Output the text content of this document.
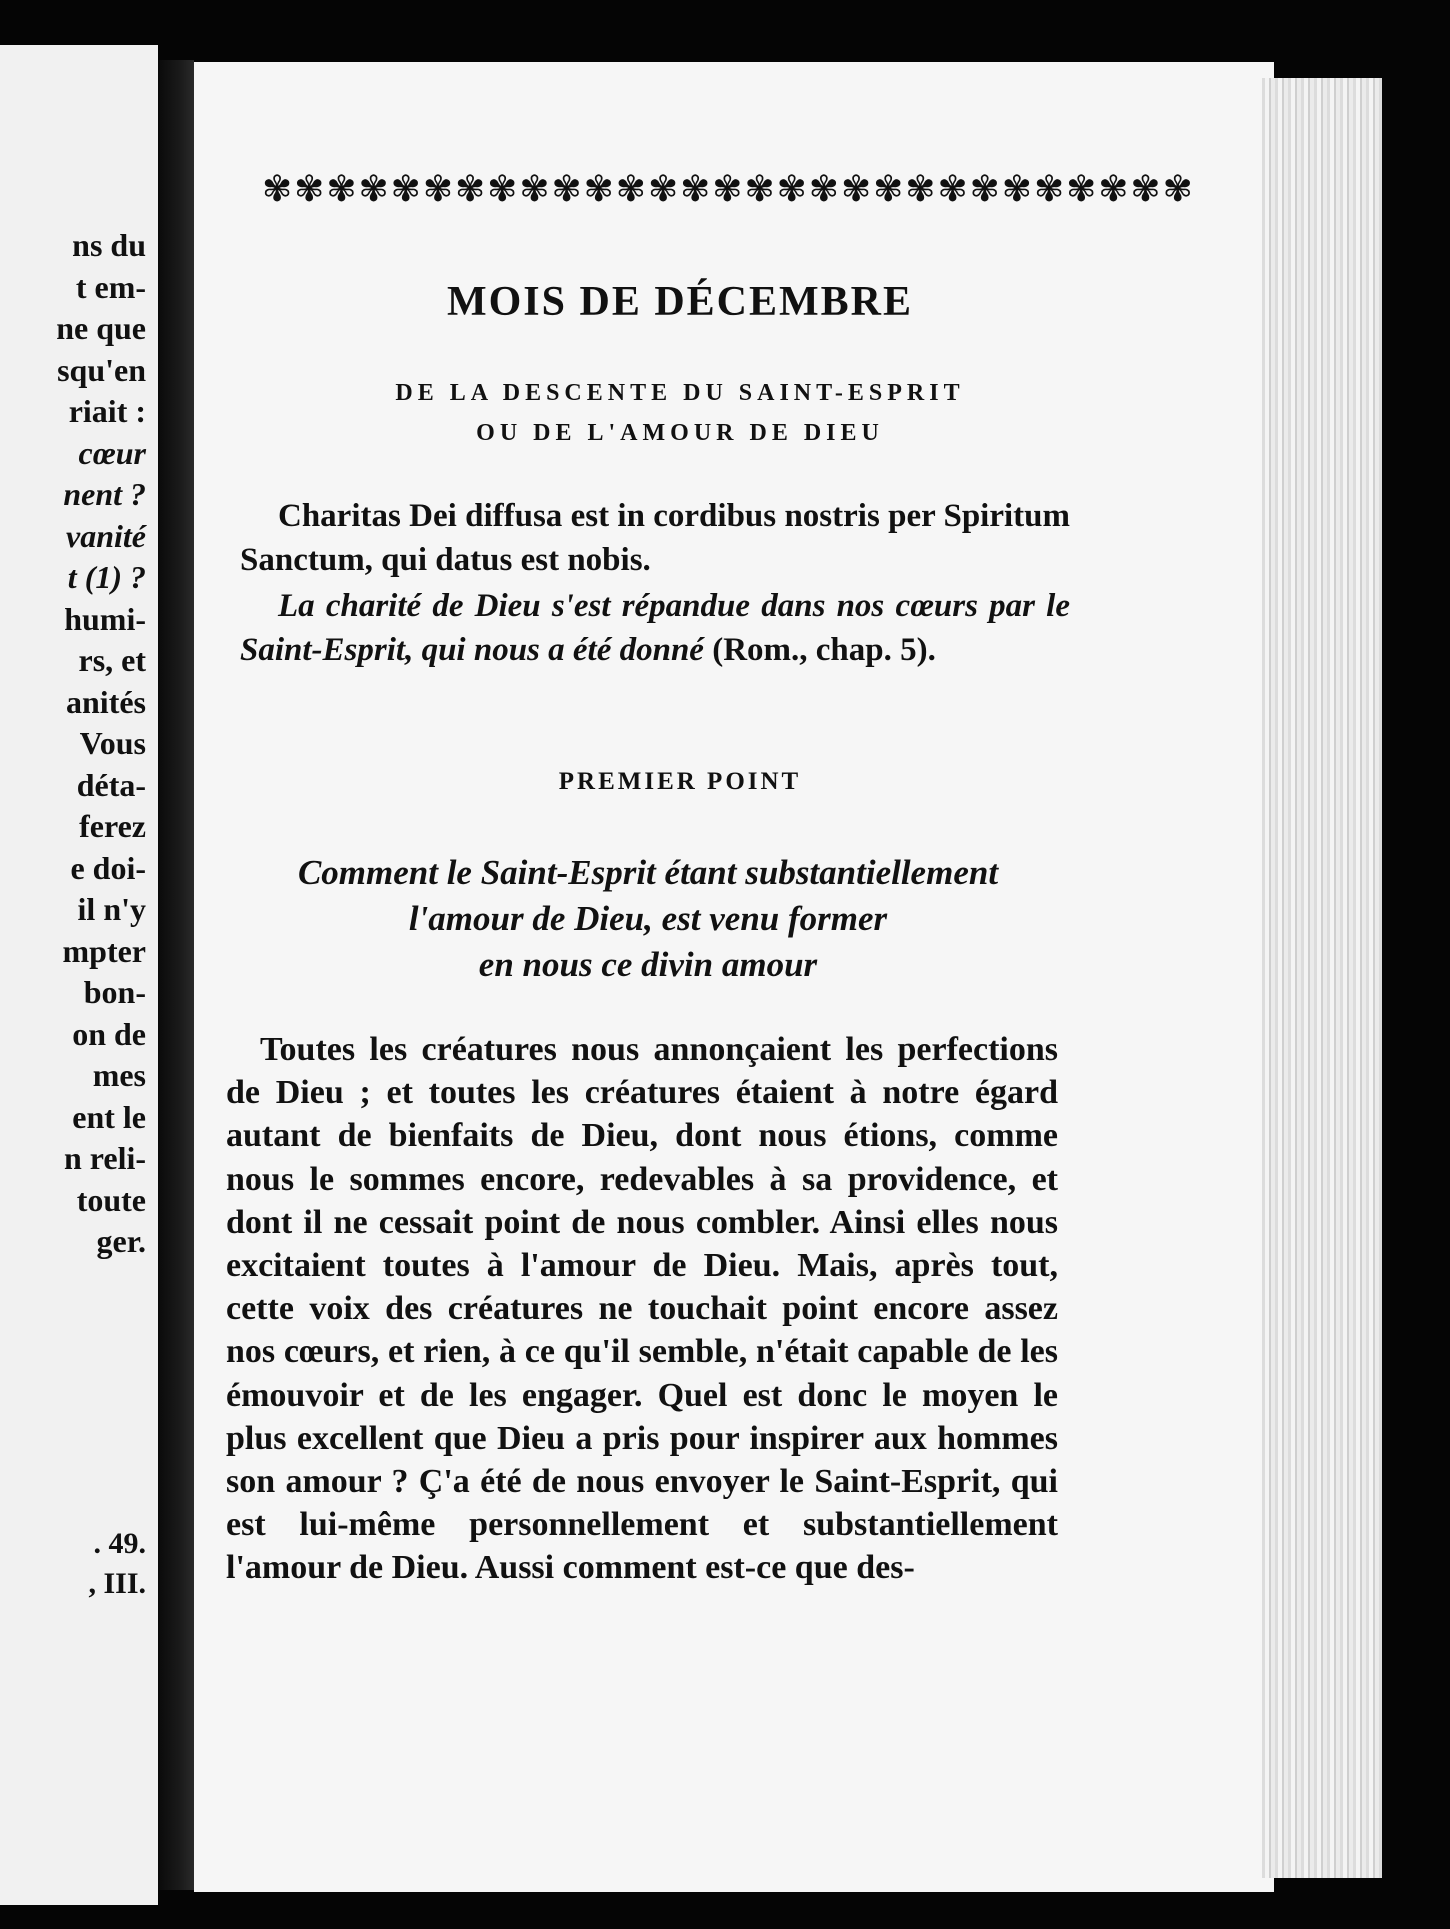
ns du
t em-
ne que
squ'en
riait :
cœur
nent ?
vanité
t (1) ?
humi-
rs, et
anités
Vous
déta-
ferez
e doi-
il n'y
mpter
bon-
on de
mes
ent le
n reli-
toute
ger.
. 49.
, III.
✾✾✾✾✾✾✾✾✾✾✾✾✾✾✾✾✾✾✾✾✾✾✾✾✾✾✾✾✾
MOIS DE DÉCEMBRE
DE LA DESCENTE DU SAINT-ESPRIT
OU DE L'AMOUR DE DIEU
Charitas Dei diffusa est in cordibus nostris per Spiritum Sanctum, qui datus est nobis.
La charité de Dieu s'est répandue dans nos cœurs par le Saint-Esprit, qui nous a été donné (Rom., chap. 5).
PREMIER POINT
Comment le Saint-Esprit étant substantiellement
l'amour de Dieu, est venu former
en nous ce divin amour
Toutes les créatures nous annonçaient les perfections de Dieu ; et toutes les créatures étaient à notre égard autant de bienfaits de Dieu, dont nous étions, comme nous le sommes encore, redevables à sa providence, et dont il ne cessait point de nous combler. Ainsi elles nous excitaient toutes à l'amour de Dieu. Mais, après tout, cette voix des créatures ne touchait point encore assez nos cœurs, et rien, à ce qu'il semble, n'était capable de les émouvoir et de les engager. Quel est donc le moyen le plus excellent que Dieu a pris pour inspirer aux hommes son amour ? Ç'a été de nous envoyer le Saint-Esprit, qui est lui-même personnellement et substantiellement l'amour de Dieu. Aussi comment est-ce que des-
